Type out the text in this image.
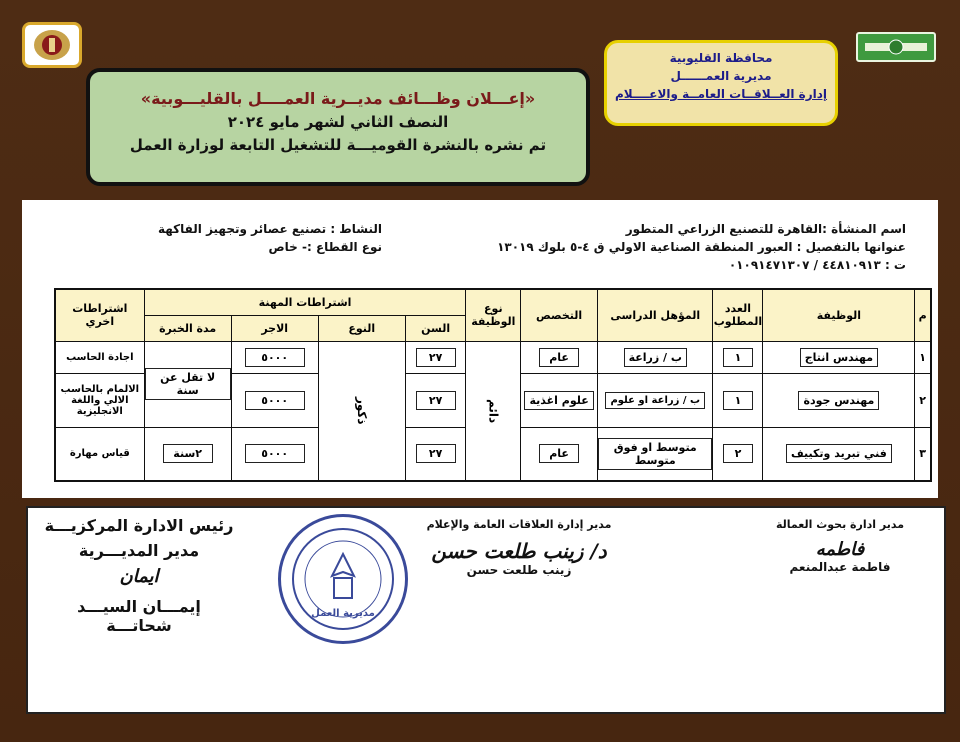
محافظة القليوبية
مديرية العمــــــل
إدارة العــلاقــات العامــة والاعــــلام
«إعـــلان وظـــائف مديــرية العمــــل بالقليـــوبية»
النصف الثاني لشهر مايو ٢٠٢٤
تم نشره بالنشرة القوميـــة للتشغيل التابعة لوزارة العمل
اسم المنشأة :القاهرة للتصنيع الزراعي المتطور
عنوانها بالتفصيل : العبور المنطقة الصناعية الاولي ق ٤-٥ بلوك ١٣٠١٩
ت : ٤٤٨١٠٩١٣ / ٠١٠٩١٤٧١٣٠٧
النشاط : تصنيع عصائر وتجهيز الفاكهة
نوع القطاع :- خاص
م	الوظيفة	العدد المطلوب	المؤهل الدراسى	التخصص	نوع الوظيفة	اشتراطات المهنة				اشتراطات اخري
						السن	النوع	الاجر	مدة الخبرة	
١	مهندس انتاج	١	ب / زراعة	عام	دائم	٢٧	ذكور	٥٠٠٠	لا تقل عن سنة	اجادة الحاسب
٢	مهندس جودة	١	ب / زراعة او علوم	علوم اغذية		٢٧		٥٠٠٠		الالمام بالحاسب الالي واللغة الانجليزية
٣	فني تبريد وتكييف	٢	متوسط او فوق متوسط	عام		٢٧		٥٠٠٠	٢سنة	قياس مهارة
مدير ادارة بحوث العمالة
فاطمه
فاطمة عبدالمنعم
مدير إدارة العلاقات العامة والإعلام
د/ زينب طلعت حسن
زينب طلعت حسن
مديرية العمل
رئيس الادارة المركزيـــة
مدير المديـــرية
ايمان
إيمـــان السيـــد شحاتـــة
